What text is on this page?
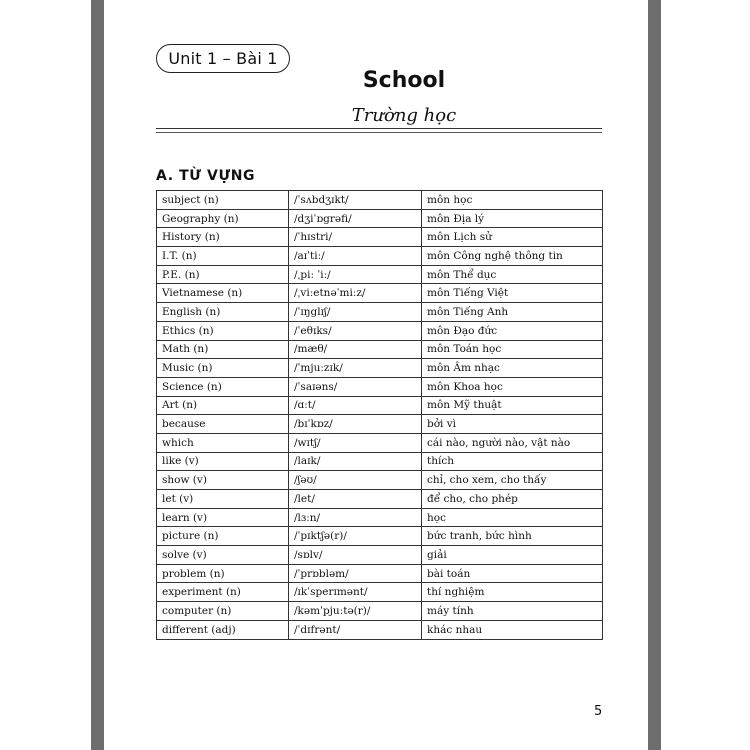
Unit 1 – Bài 1
School
Trường học
A. TỪ VỰNG
subject (n)	/ˈsʌbdʒɪkt/	môn học
Geography (n)	/dʒiˈɒgrəfi/	môn Địa lý
History (n)	/ˈhɪstri/	môn Lịch sử
I.T. (n)	/aɪˈtiː/	môn Công nghệ thông tin
P.E. (n)	/ˌpiː ˈiː/	môn Thể dục
Vietnamese (n)	/ˌviːetnəˈmiːz/	môn Tiếng Việt
English (n)	/ˈɪŋglɪʃ/	môn Tiếng Anh
Ethics (n)	/ˈeθɪks/	môn Đạo đức
Math (n)	/mæθ/	môn Toán học
Music (n)	/ˈmjuːzɪk/	môn Âm nhạc
Science (n)	/ˈsaɪəns/	môn Khoa học
Art (n)	/ɑːt/	môn Mỹ thuật
because	/bɪˈkɒz/	bởi vì
which	/wɪtʃ/	cái nào, người nào, vật nào
like (v)	/laɪk/	thích
show (v)	/ʃəʊ/	chỉ, cho xem, cho thấy
let (v)	/let/	để cho, cho phép
learn (v)	/lɜːn/	học
picture (n)	/ˈpɪktʃə(r)/	bức tranh, bức hình
solve (v)	/sɒlv/	giải
problem (n)	/ˈprɒbləm/	bài toán
experiment (n)	/ɪkˈsperɪmənt/	thí nghiệm
computer (n)	/kəmˈpjuːtə(r)/	máy tính
different (adj)	/ˈdɪfrənt/	khác nhau
5
